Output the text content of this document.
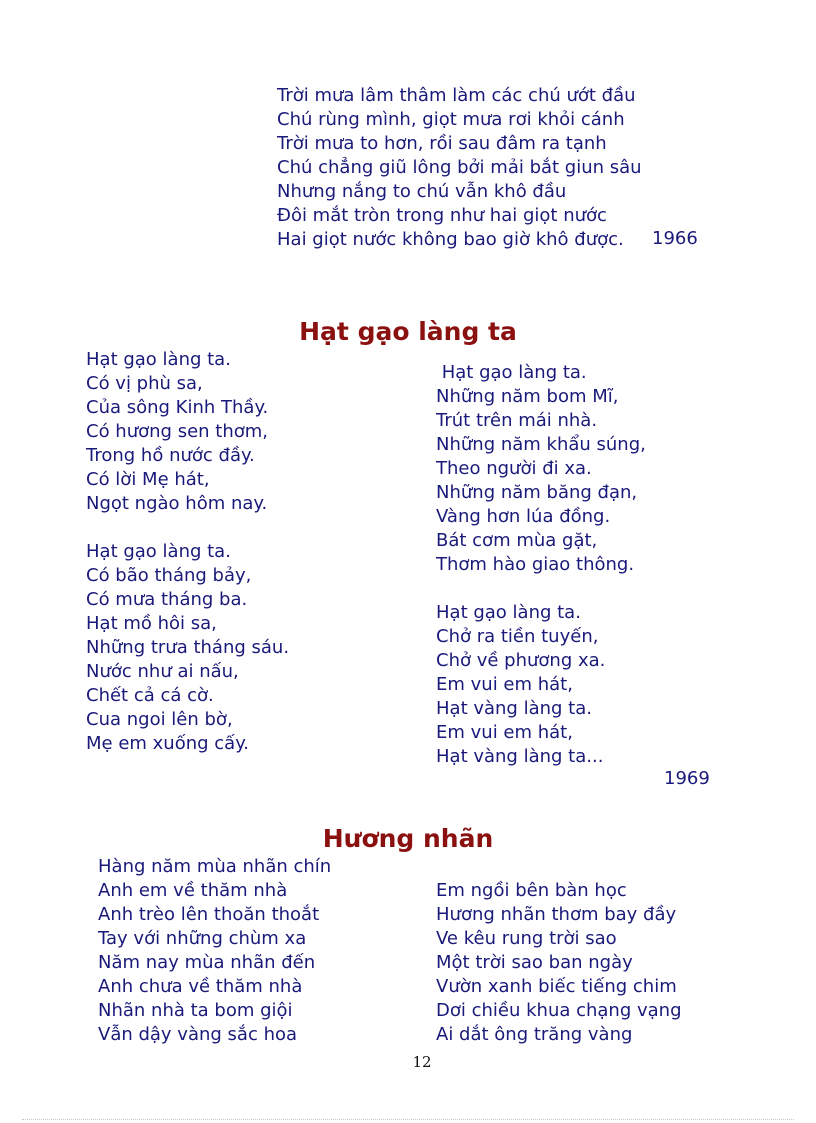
Trời mưa lâm thâm làm các chú ướt đầu
Chú rùng mình, giọt mưa rơi khỏi cánh
Trời mưa to hơn, rồi sau đâm ra tạnh
Chú chẳng giũ lông bởi mải bắt giun sâu
Nhưng nắng to chú vẫn khô đầu
Đôi mắt tròn trong như hai giọt nước
Hai giọt nước không bao giờ khô được.	1966
Hạt gạo làng ta
Hạt gạo làng ta.
Có vị phù sa,
Của sông Kinh Thầy.
Có hương sen thơm,
Trong hồ nước đầy.
Có lời Mẹ hát,
Ngọt ngào hôm nay.
Hạt gạo làng ta.
Có bão tháng bảy,
Có mưa tháng ba.
Hạt mồ hôi sa,
Những trưa tháng sáu.
Nước như ai nấu,
Chết cả cá cờ.
Cua ngoi lên bờ,
Mẹ em xuống cấy.
Hạt gạo làng ta.
Những năm bom Mĩ,
Trút trên mái nhà.
Những năm khẩu súng,
Theo người đi xa.
Những năm băng đạn,
Vàng hơn lúa đồng.
Bát cơm mùa gặt,
Thơm hào giao thông.
Hạt gạo làng ta.
Chở ra tiền tuyến,
Chở về phương xa.
Em vui em hát,
Hạt vàng làng ta.
Em vui em hát,
Hạt vàng làng ta...
1969
Hương nhãn
Hàng năm mùa nhãn chín
Anh em về thăm nhà
Anh trèo lên thoăn thoắt
Tay với những chùm xa
Năm nay mùa nhãn đến
Anh chưa về thăm nhà
Nhãn nhà ta bom giội
Vẫn dậy vàng sắc hoa
Em ngồi bên bàn học
Hương nhãn thơm bay đầy
Ve kêu rung trời sao
Một trời sao ban ngày
Vườn xanh biếc tiếng chim
Dơi chiều khua chạng vạng
Ai dắt ông trăng vàng
12
